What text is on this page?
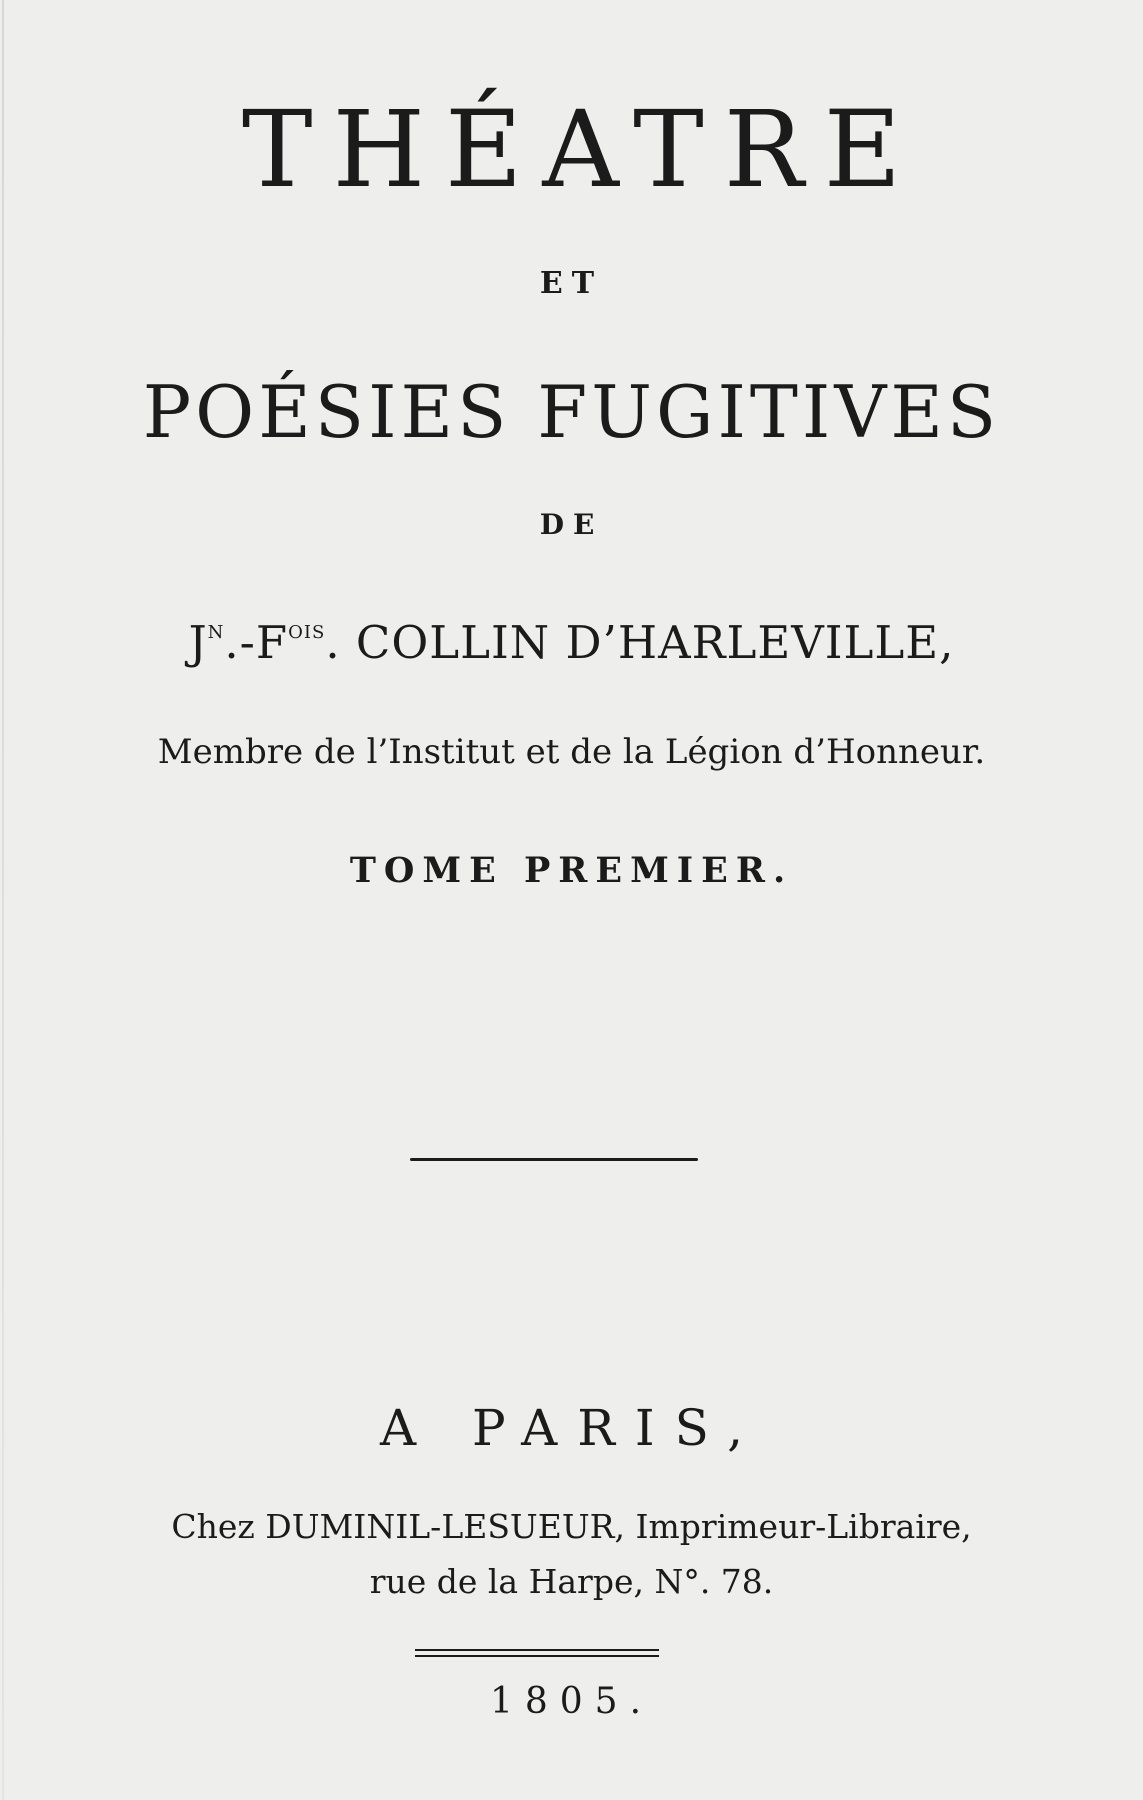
THÉATRE
ET
POÉSIES FUGITIVES
DE
$J^N.-F^{OIS}$. COLLIN D’HARLEVILLE,
Membre de l’Institut et de la Légion d’Honneur.
TOME PREMIER.
A PARIS,
Chez DUMINIL-LESUEUR, Imprimeur-Libraire,
rue de la Harpe, N°. 78.
1805.
